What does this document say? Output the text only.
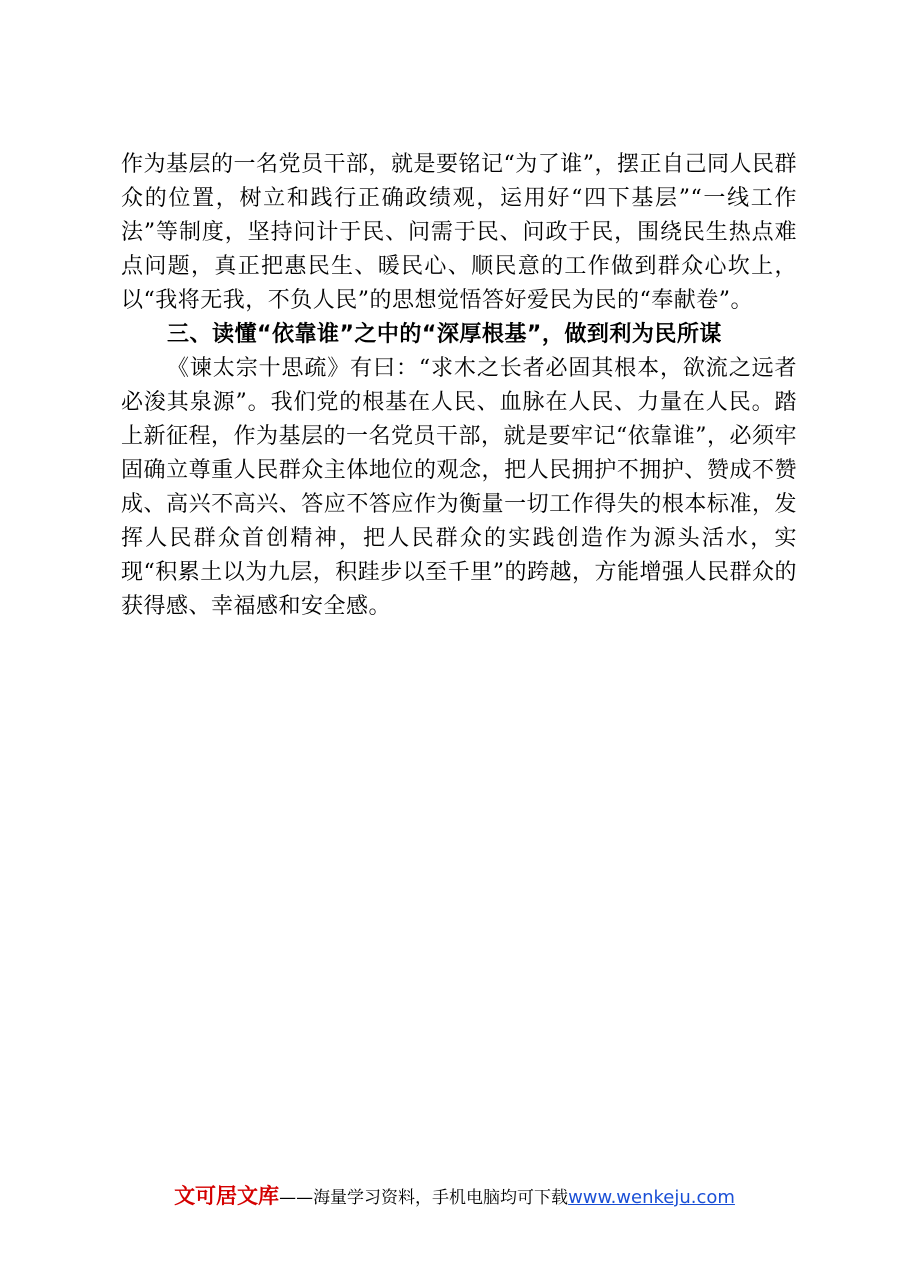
作为基层的一名党员干部，就是要铭记“为了谁”，摆正自己同人民群众的位置，树立和践行正确政绩观，运用好“四下基层”“一线工作法”等制度，坚持问计于民、问需于民、问政于民，围绕民生热点难点问题，真正把惠民生、暖民心、顺民意的工作做到群众心坎上，以“我将无我，不负人民”的思想觉悟答好爱民为民的“奉献卷”。

三、读懂“依靠谁”之中的“深厚根基”，做到利为民所谋

《谏太宗十思疏》有曰：“求木之长者必固其根本，欲流之远者必浚其泉源”。我们党的根基在人民、血脉在人民、力量在人民。踏上新征程，作为基层的一名党员干部，就是要牢记“依靠谁”，必须牢固确立尊重人民群众主体地位的观念，把人民拥护不拥护、赞成不赞成、高兴不高兴、答应不答应作为衡量一切工作得失的根本标准，发挥人民群众首创精神，把人民群众的实践创造作为源头活水，实现“积累土以为九层，积跬步以至千里”的跨越，方能增强人民群众的获得感、幸福感和安全感。

文可居文库——海量学习资料，手机电脑均可下载www.wenkeju.com
